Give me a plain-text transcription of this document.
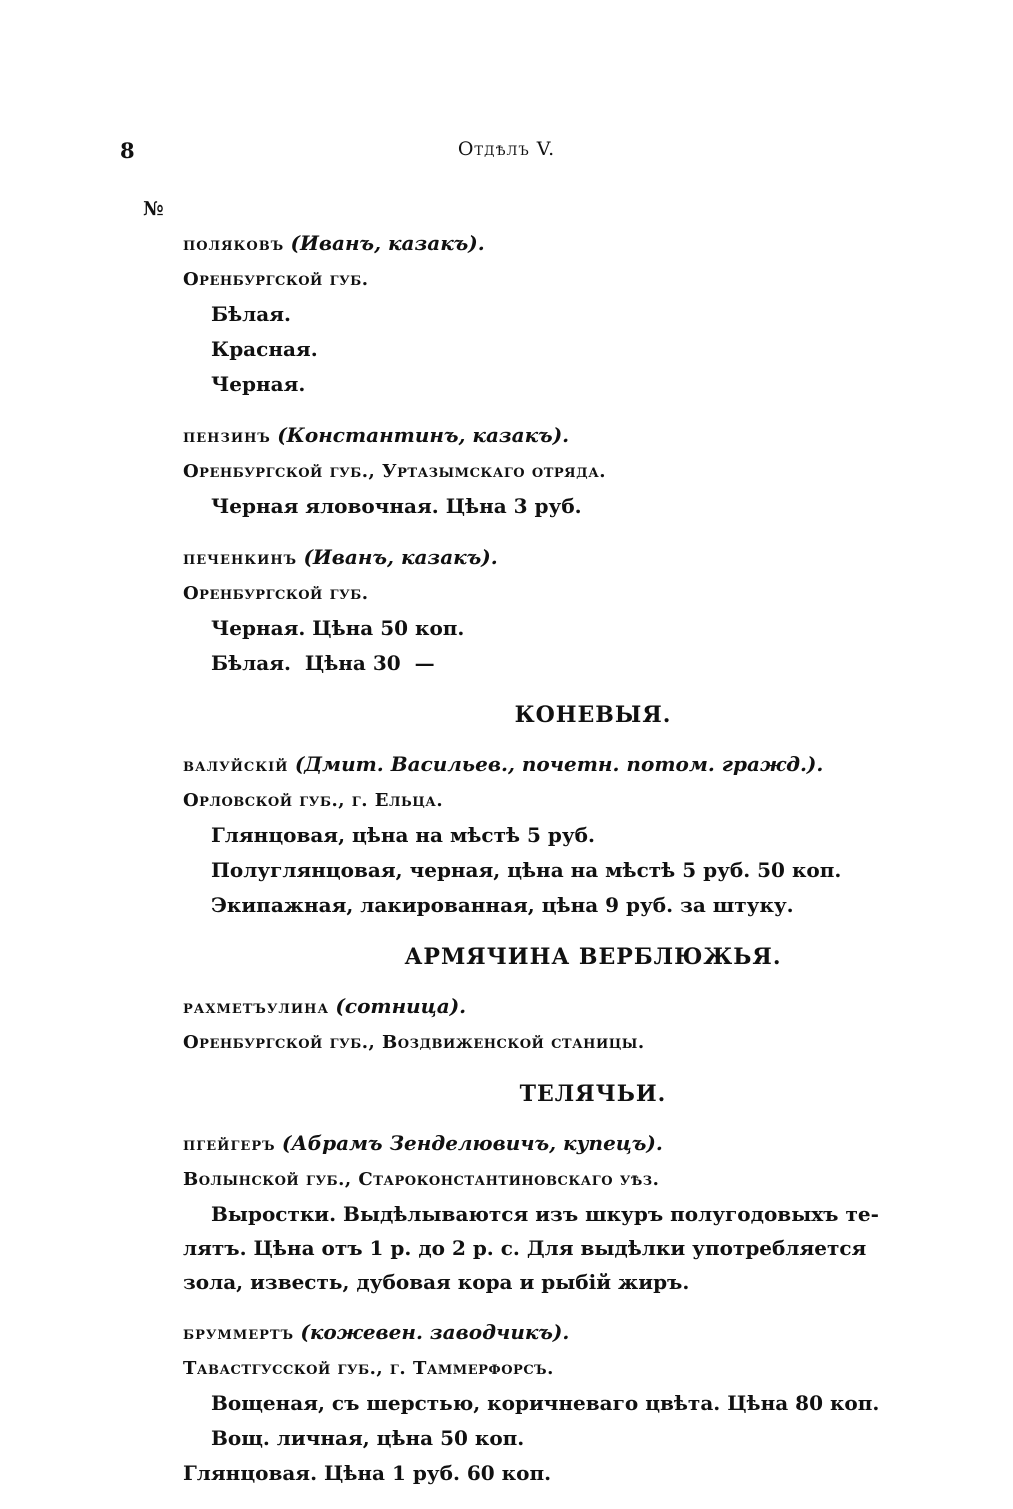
8	Отдѣлъ V.
№
поляковъ (Иванъ, казакъ).
Оренбургской губ.
Бѣлая.
Красная.
Черная.
пензинъ (Константинъ, казакъ).
Оренбургской губ., Уртазымскаго отряда.
Черная яловочная. Цѣна 3 руб.
печенкинъ (Иванъ, казакъ).
Оренбургской губ.
Черная. Цѣна 50 коп.
Бѣлая.  Цѣна 30  —
КОНЕВЫЯ.
валуйскій (Дмит. Васильев., почетн. потом. гражд.).
Орловской губ., г. Ельца.
Глянцовая, цѣна на мѣстѣ 5 руб.
Полуглянцовая, черная, цѣна на мѣстѣ 5 руб. 50 коп.
Экипажная, лакированная, цѣна 9 руб. за штуку.
АРМЯЧИНА ВЕРБЛЮЖЬЯ.
рахметъулина (сотница).
Оренбургской губ., Воздвиженской станицы.
ТЕЛЯЧЬИ.
пгейгеръ (Абрамъ Зенделювичъ, купецъ).
Волынской губ., Староконстантиновскаго уѣз.
Выростки. Выдѣлываются изъ шкуръ полугодовыхъ те-
лятъ. Цѣна отъ 1 р. до 2 р. с. Для выдѣлки употребляется
зола, известь, дубовая кора и рыбій жиръ.
бруммертъ (кожевен. заводчикъ).
Тавастгусской губ., г. Таммерфорсъ.
Вощеная, съ шерстью, коричневаго цвѣта. Цѣна 80 коп.
Вощ. личная, цѣна 50 коп.
Глянцовая. Цѣна 1 руб. 60 коп.
